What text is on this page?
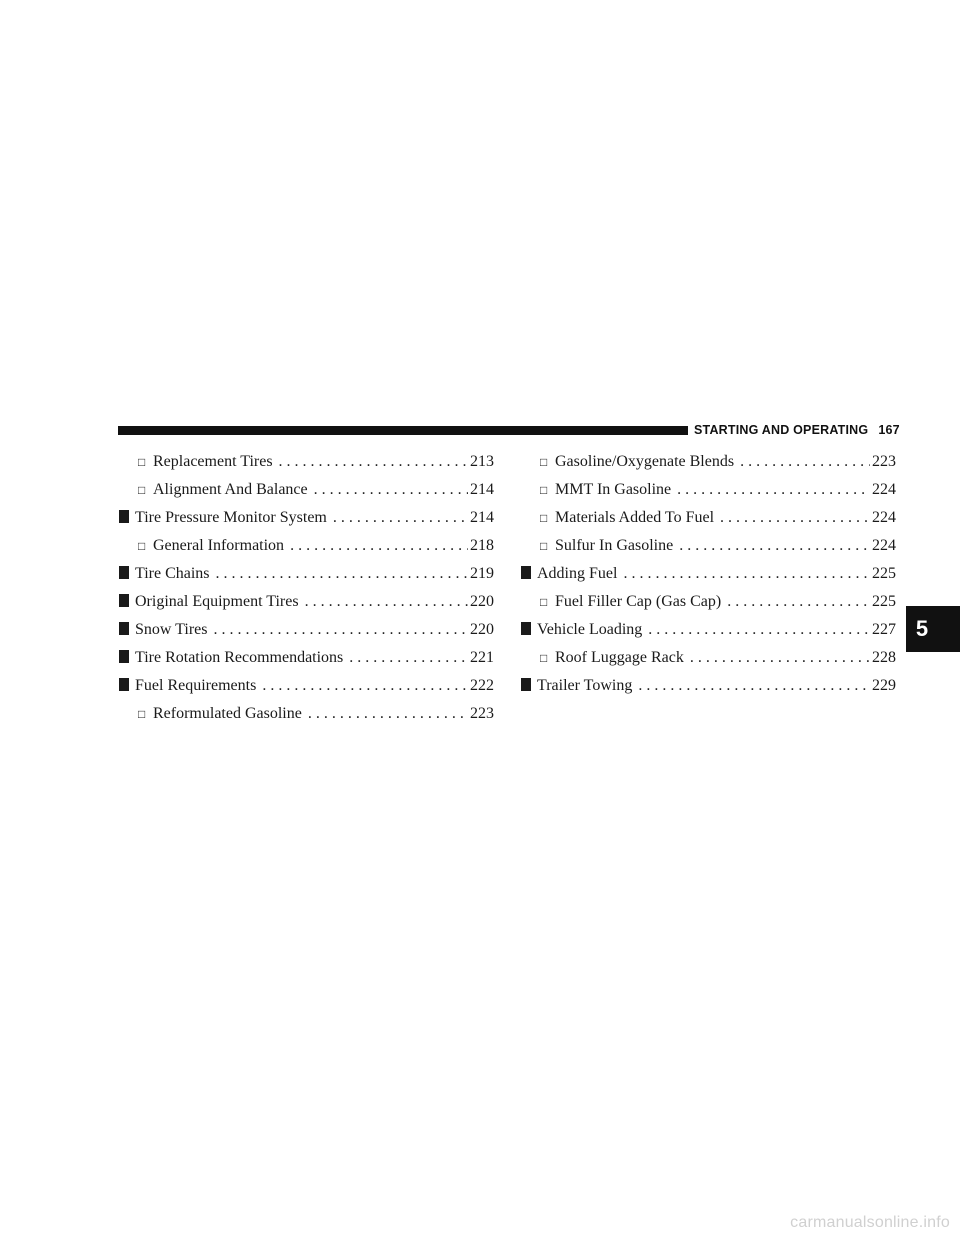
STARTING AND OPERATING 167
□ Replacement Tires . . .	213
□ Alignment And Balance . . .	214
Tire Pressure Monitor System . . .	214
□ General Information . . .	218
Tire Chains . . .	219
Original Equipment Tires . . .	220
Snow Tires . . .	220
Tire Rotation Recommendations . . .	221
Fuel Requirements . . .	222
□ Reformulated Gasoline . . .	223
□ Gasoline/Oxygenate Blends . . .	223
□ MMT In Gasoline . . .	224
□ Materials Added To Fuel . . .	224
□ Sulfur In Gasoline . . .	224
Adding Fuel . . .	225
□ Fuel Filler Cap (Gas Cap) . . .	225
Vehicle Loading . . .	227
□ Roof Luggage Rack . . .	228
Trailer Towing . . .	229
5
carmanualsonline.info
